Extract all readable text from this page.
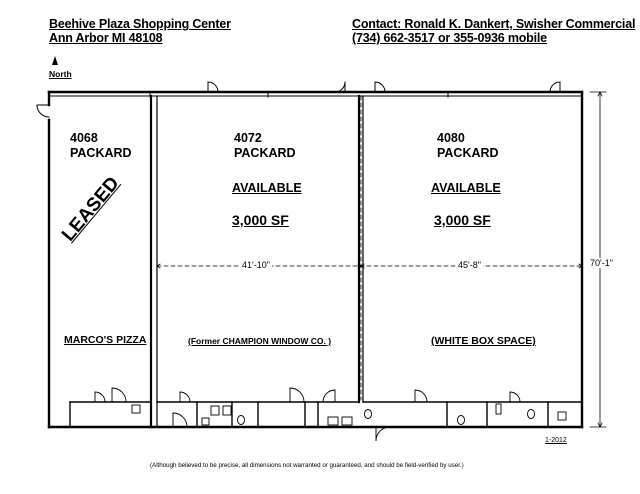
Beehive Plaza Shopping Center
Ann Arbor MI 48108
Contact: Ronald K. Dankert, Swisher Commercial
(734) 662-3517 or 355-0936 mobile
North
4068
PACKARD
LEASED
MARCO'S PIZZA
4072
PACKARD
AVAILABLE
3,000 SF
(Former CHAMPION WINDOW CO. )
4080
PACKARD
AVAILABLE
3,000 SF
(WHITE BOX SPACE)
41'-10"	45'-8"	70'-1"
1-2012
(Although believed to be precise, all dimensions not warranted or guaranteed, and should be field-verified by user.)
